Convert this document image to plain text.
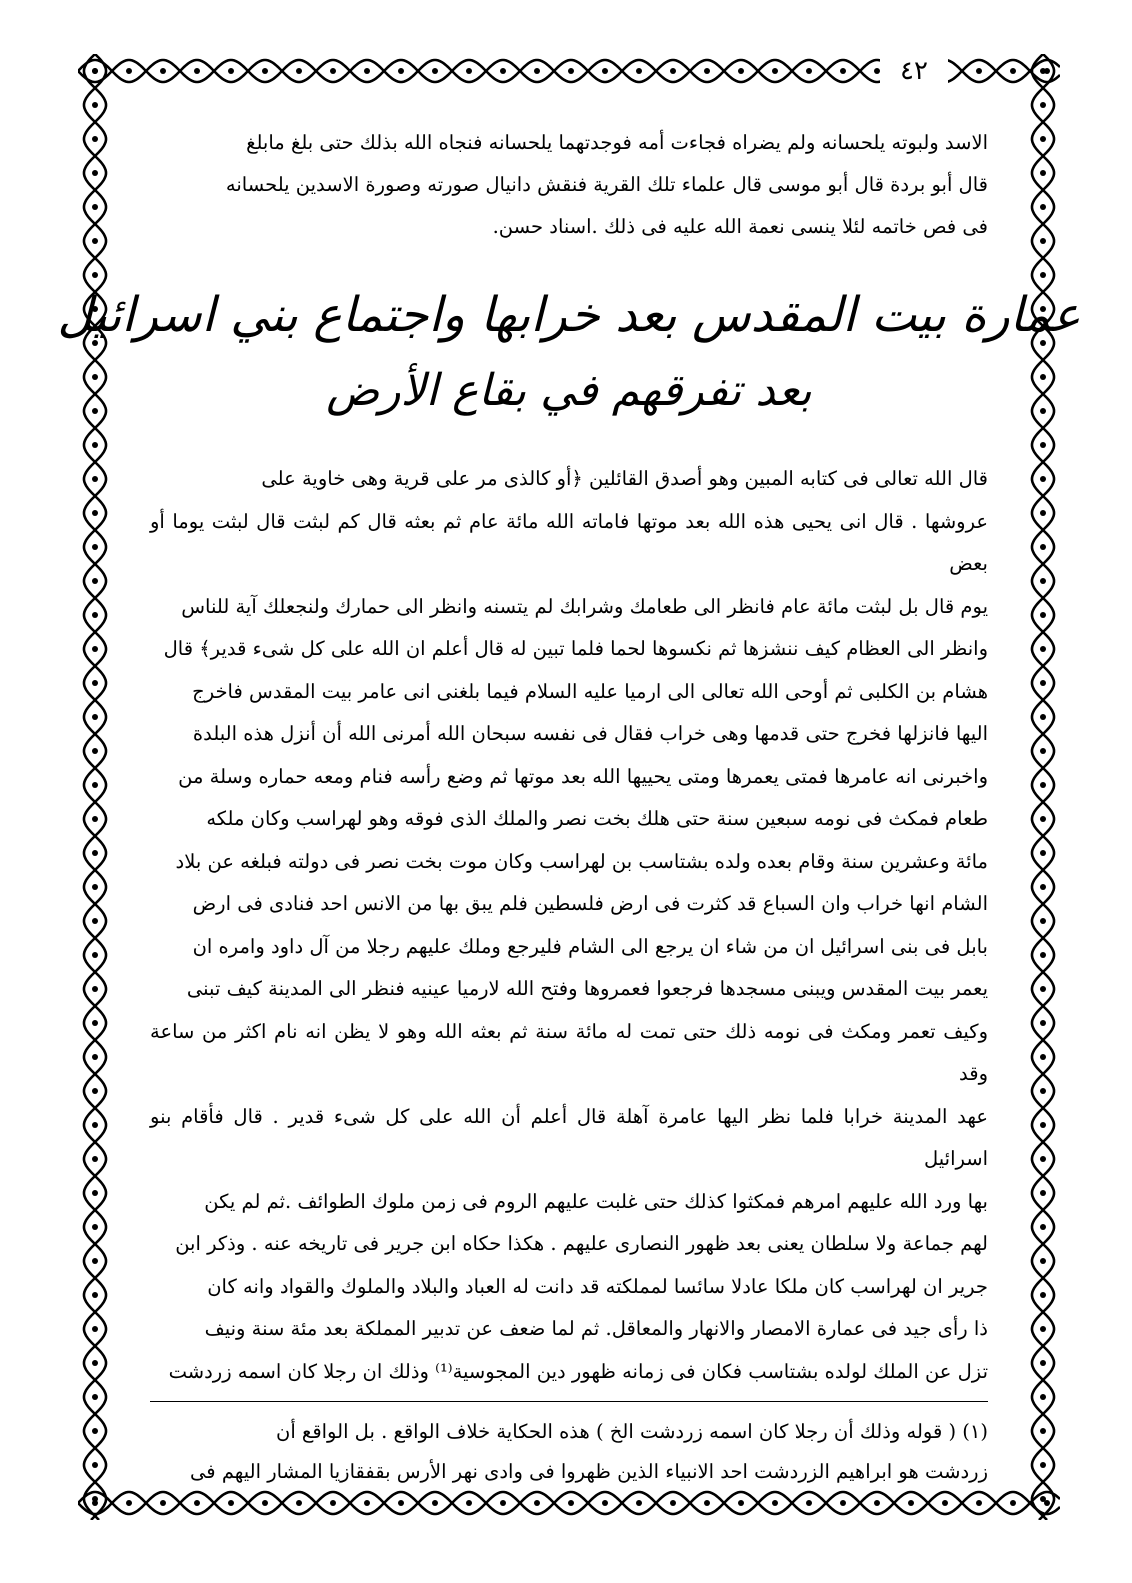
٤٢

الاسد ولبوته يلحسانه ولم يضراه فجاءت أمه فوجدتهما يلحسانه فنجاه الله بذلك حتى بلغ مابلغ

قال أبو بردة قال أبو موسى قال علماء تلك القرية فنقش دانيال صورته وصورة الاسدين يلحسانه

فى فص خاتمه لئلا ينسى نعمة الله عليه فى ذلك .اسناد حسن.

عمارة بيت المقدس بعد خرابها واجتماع بني اسرائيل
بعد تفرقهم في بقاع الأرض

قال الله تعالى فى كتابه المبين وهو أصدق القائلين ﴿أو كالذى مر على قرية وهى خاوية على

عروشها . قال انى يحيى هذه الله بعد موتها فاماته الله مائة عام ثم بعثه قال كم لبثت قال لبثت يوما أو بعض

يوم قال بل لبثت مائة عام فانظر الى طعامك وشرابك لم يتسنه وانظر الى حمارك ولنجعلك آية للناس

وانظر الى العظام كيف ننشزها ثم نكسوها لحما فلما تبين له قال أعلم ان الله على كل شىء قدير﴾ قال

هشام بن الكلبى ثم أوحى الله تعالى الى ارميا عليه السلام فيما بلغنى انى عامر بيت المقدس فاخرج

اليها فانزلها فخرج حتى قدمها وهى خراب فقال فى نفسه سبحان الله أمرنى الله أن أنزل هذه البلدة

واخبرنى انه عامرها فمتى يعمرها ومتى يحييها الله بعد موتها ثم وضع رأسه فنام ومعه حماره وسلة من

طعام فمكث فى نومه سبعين سنة حتى هلك بخت نصر والملك الذى فوقه وهو لهراسب وكان ملكه

مائة وعشرين سنة وقام بعده ولده بشتاسب بن لهراسب وكان موت بخت نصر فى دولته فبلغه عن بلاد

الشام انها خراب وان السباع قد كثرت فى ارض فلسطين فلم يبق بها من الانس احد فنادى فى ارض

بابل فى بنى اسرائيل ان من شاء ان يرجع الى الشام فليرجع وملك عليهم رجلا من آل داود وامره ان

يعمر بيت المقدس ويبنى مسجدها فرجعوا فعمروها وفتح الله لارميا عينيه فنظر الى المدينة كيف تبنى

وكيف تعمر ومكث فى نومه ذلك حتى تمت له مائة سنة ثم بعثه الله وهو لا يظن انه نام اكثر من ساعة وقد

عهد المدينة خرابا فلما نظر اليها عامرة آهلة قال أعلم أن الله على كل شىء قدير . قال فأقام بنو اسرائيل

بها ورد الله عليهم امرهم فمكثوا كذلك حتى غلبت عليهم الروم فى زمن ملوك الطوائف .ثم لم يكن

لهم جماعة ولا سلطان يعنى بعد ظهور النصارى عليهم . هكذا حكاه ابن جرير فى تاريخه عنه . وذكر ابن

جرير ان لهراسب كان ملكا عادلا سائسا لمملكته قد دانت له العباد والبلاد والملوك والقواد وانه كان

ذا رأى جيد فى عمارة الامصار والانهار والمعاقل. ثم لما ضعف عن تدبير المملكة بعد مئة سنة ونيف

تزل عن الملك لولده بشتاسب فكان فى زمانه ظهور دين المجوسية⁽¹⁾ وذلك ان رجلا كان اسمه زردشت

(١) ( قوله وذلك أن رجلا كان اسمه زردشت الخ ) هذه الحكاية خلاف الواقع . بل الواقع أن

زردشت هو ابراهيم الزردشت احد الانبياء الذين ظهروا فى وادى نهر الأرس بقفقازيا المشار اليهم فى
